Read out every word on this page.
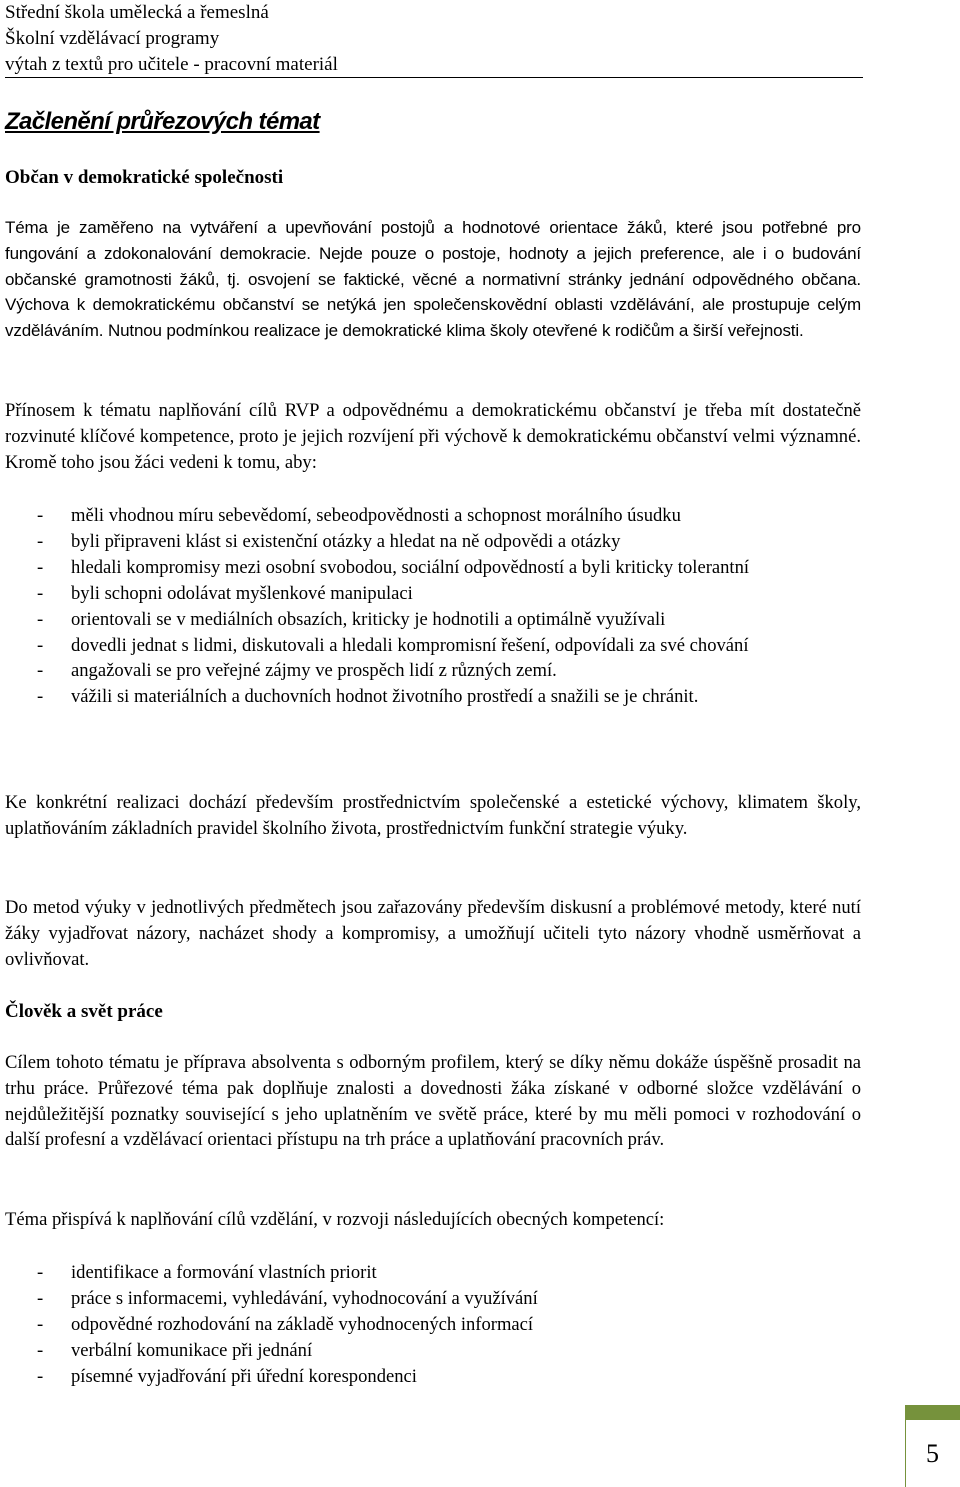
Střední škola umělecká a řemeslná
Školní vzdělávací programy
výtah z textů pro učitele - pracovní materiál
Začlenění průřezových témat
Občan v demokratické společnosti
Téma je zaměřeno na vytváření a upevňování postojů a hodnotové orientace žáků, které jsou potřebné pro fungování a zdokonalování demokracie. Nejde pouze o postoje, hodnoty a jejich preference, ale i o budování občanské gramotnosti žáků, tj. osvojení se faktické, věcné a normativní stránky jednání odpovědného občana. Výchova k demokratickému občanství se netýká jen společenskovědní oblasti vzdělávání, ale prostupuje celým vzděláváním. Nutnou podmínkou realizace je demokratické klima školy otevřené k rodičům a širší veřejnosti.
Přínosem k tématu naplňování cílů RVP a odpovědnému a demokratickému občanství je třeba mít dostatečně rozvinuté klíčové kompetence, proto je jejich rozvíjení při výchově k demokratickému občanství velmi významné. Kromě toho jsou žáci vedeni k tomu, aby:
- měli vhodnou míru sebevědomí, sebeodpovědnosti a schopnost morálního úsudku
- byli připraveni klást si existenční otázky a hledat na ně odpovědi a otázky
- hledali kompromisy mezi osobní svobodou, sociální odpovědností a byli kriticky tolerantní
- byli schopni odolávat myšlenkové manipulaci
- orientovali se v mediálních obsazích, kriticky je hodnotili a optimálně využívali
- dovedli jednat s lidmi, diskutovali a hledali kompromisní řešení, odpovídali za své chování
- angažovali se pro veřejné zájmy ve prospěch lidí z různých zemí.
- vážili si materiálních a duchovních hodnot životního prostředí a snažili se je chránit.
Ke konkrétní realizaci dochází především prostřednictvím společenské a estetické výchovy, klimatem školy, uplatňováním základních pravidel školního života, prostřednictvím funkční strategie výuky.
Do metod výuky v jednotlivých předmětech jsou zařazovány především diskusní a problémové metody, které nutí žáky vyjadřovat názory, nacházet shody a kompromisy, a umožňují učiteli tyto názory vhodně usměrňovat a ovlivňovat.
Člověk a svět práce
Cílem tohoto tématu je příprava absolventa s odborným profilem, který se díky němu dokáže úspěšně prosadit na trhu práce. Průřezové téma pak doplňuje znalosti a dovednosti žáka získané v odborné složce vzdělávání o nejdůležitější poznatky související s jeho uplatněním ve světě práce, které by mu měli pomoci v rozhodování o další profesní a vzdělávací orientaci přístupu na trh práce a uplatňování pracovních práv.
Téma přispívá k naplňování cílů vzdělání, v rozvoji následujících obecných kompetencí:
- identifikace a formování vlastních priorit
- práce s informacemi, vyhledávání, vyhodnocování a využívání
- odpovědné rozhodování na základě vyhodnocených informací
- verbální komunikace při jednání
- písemné vyjadřování při úřední korespondenci
5
